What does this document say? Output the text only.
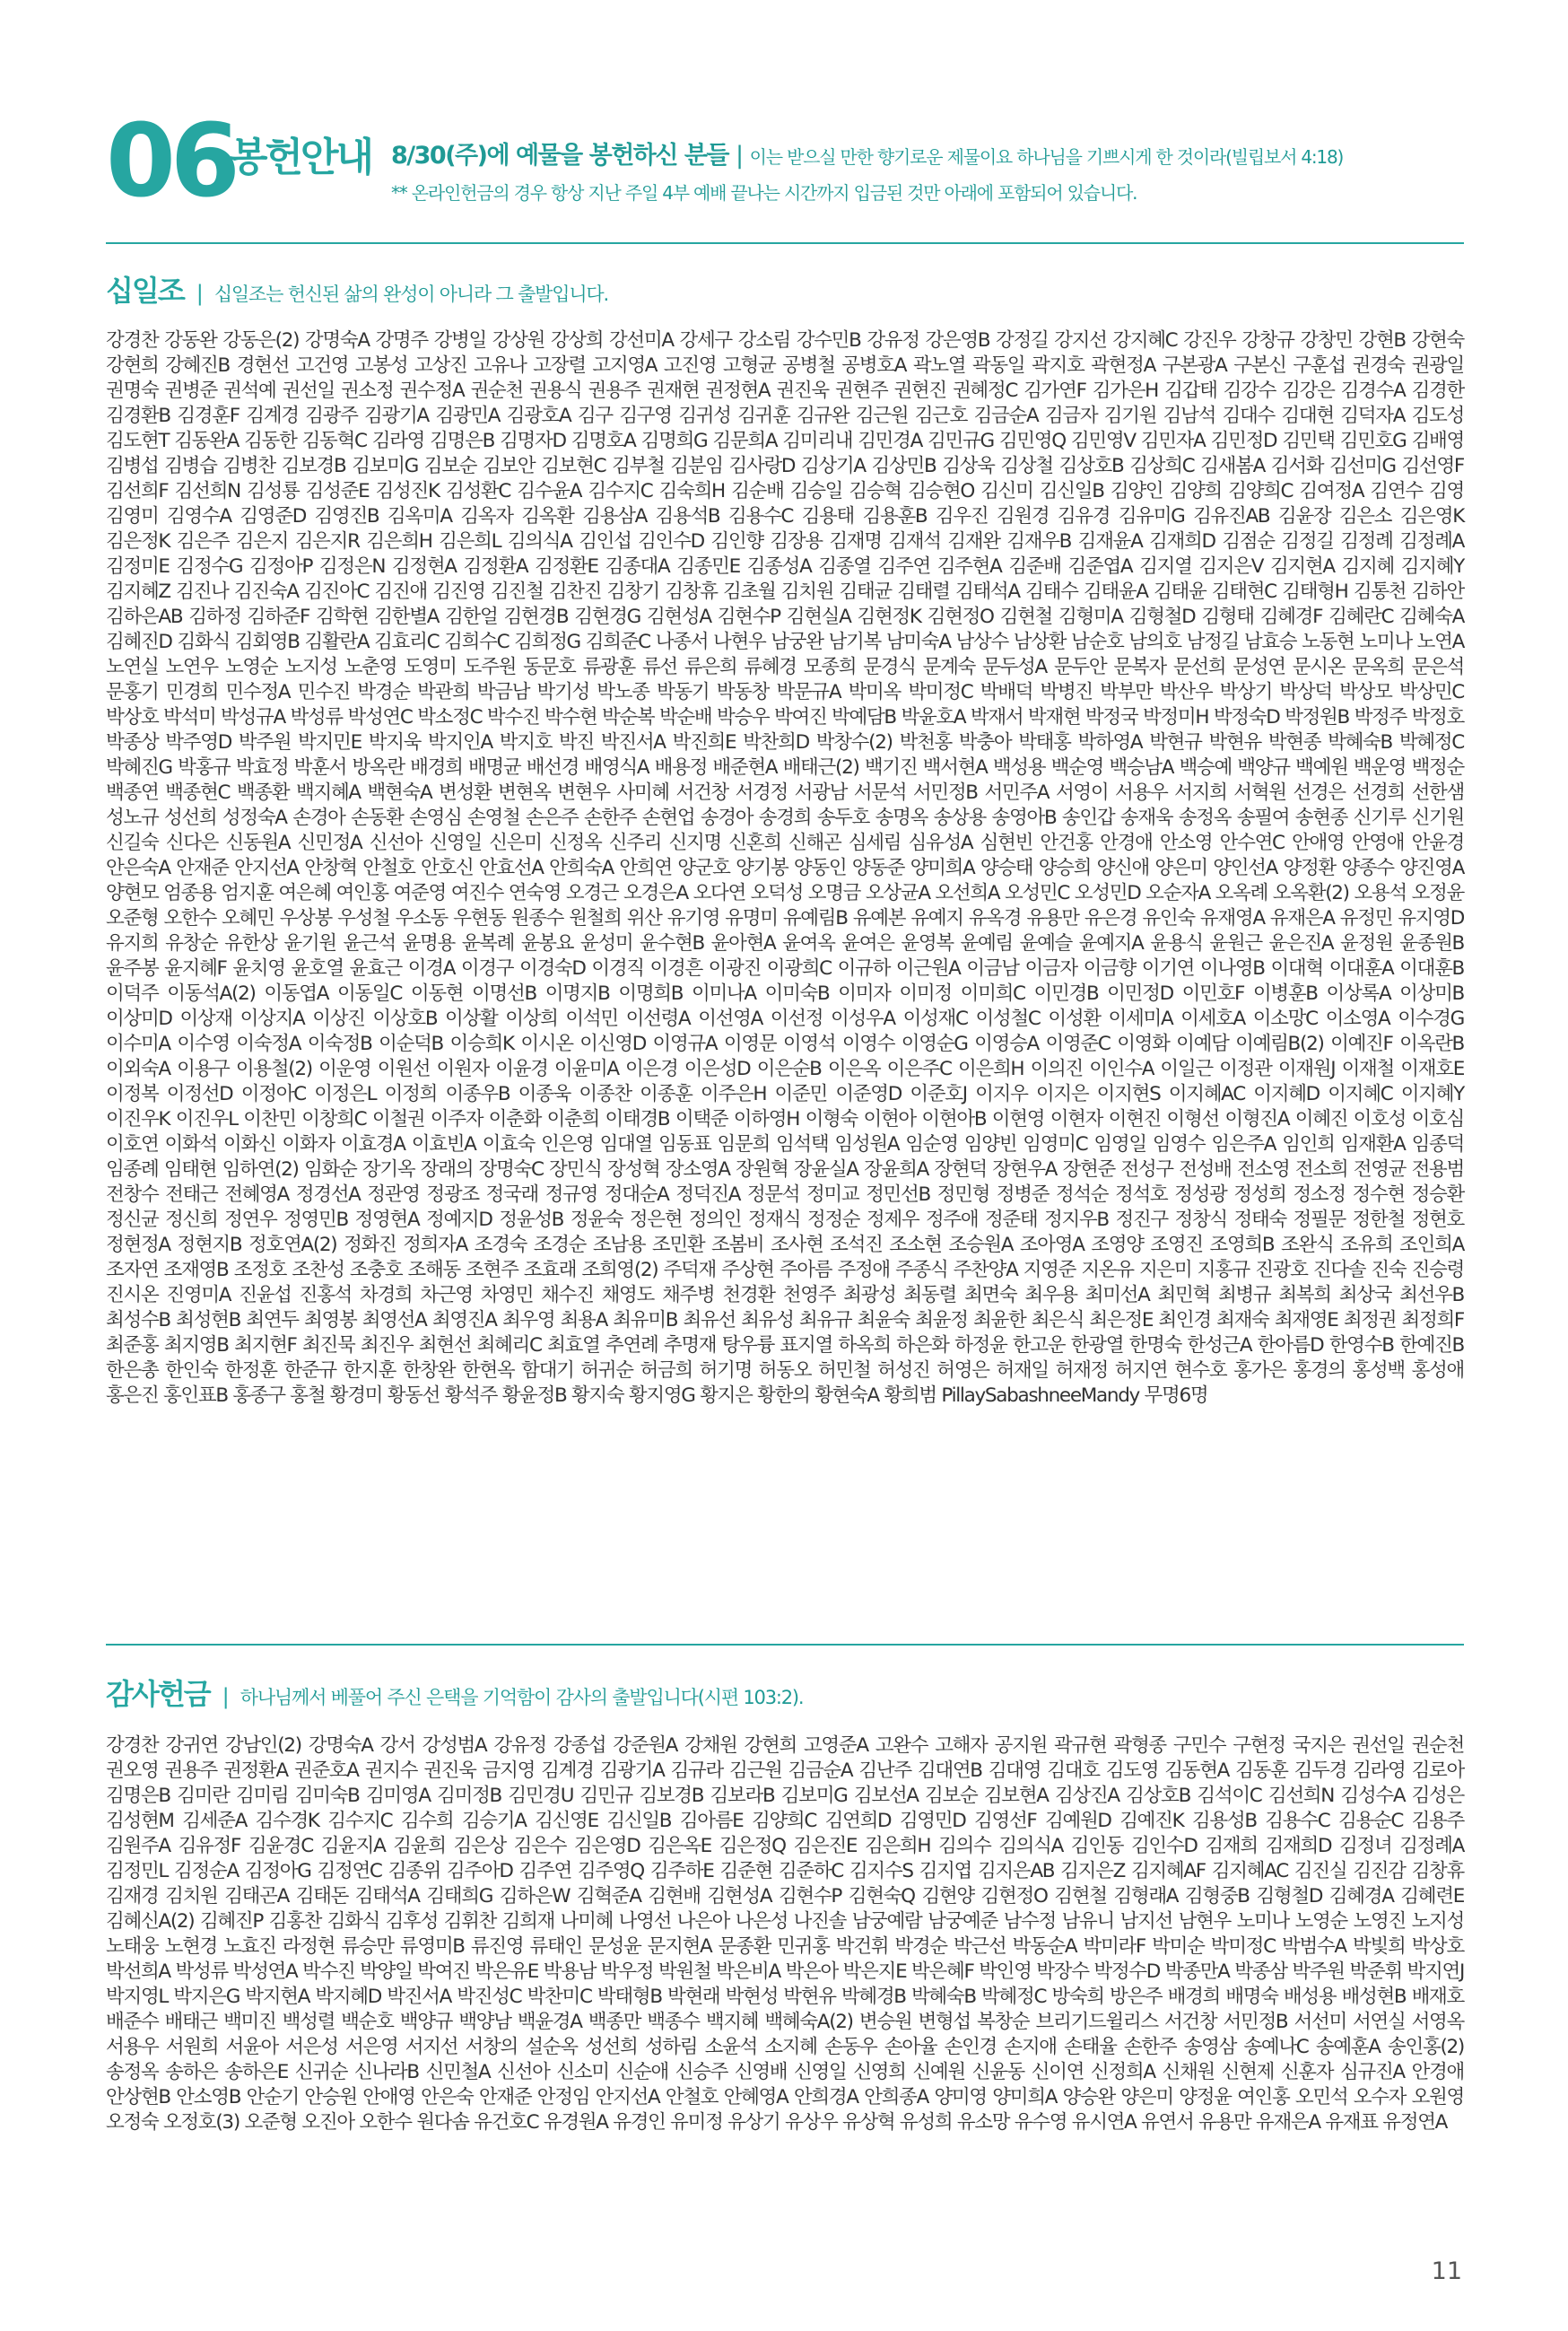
06
봉헌안내 8/30(주)에 예물을 봉헌하신 분들 | 이는 받으실 만한 향기로운 제물이요 하나님을 기쁘시게 한 것이라(빌립보서 4:18)
** 온라인헌금의 경우 항상 지난 주일 4부 예배 끝나는 시간까지 입금된 것만 아래에 포함되어 있습니다.
십일조 | 십일조는 헌신된 삶의 완성이 아니라 그 출발입니다.
강경찬 강동완 강동은(2) 강명숙A 강명주 강병일 강상원 강상희 강선미A 강세구 강소림 강수민B 강유정 강은영B 강정길 강지선 강지혜C 강진우 강창규 강창민 강현B 강현숙 강현희 강혜진B 경현선 고건영 고봉성 고상진 고유나 고장렬 고지영A 고진영 고형균 공병철 공병호A 곽노열 곽동일 곽지호 곽현정A 구본광A 구본신 구훈섭 권경숙 권광일 권명숙 권병준 권석예 권선일 권소정 권수정A 권순천 권용식 권용주 권재현 권정현A 권진욱 권현주 권현진 권혜정C 김가연F 김가은H 김갑태 김강수 김강은 김경수A 김경한 김경환B 김경훈F 김계경 김광주 김광기A 김광민A 김광호A 김구 김구영 김귀성 김귀훈 김규완 김근원 김근호 김금순A 김금자 김기원 김남석 김대수 김대현 김덕자A 김도성 김도현T 김동완A 김동한 김동혁C 김라영 김명은B 김명자D 김명호A 김명희G 김문희A 김미리내 김민경A 김민규G 김민영Q 김민영V 김민자A 김민정D 김민택 김민호G 김배영 김병섭 김병습 김병찬 김보경B 김보미G 김보순 김보안 김보현C 김부철 김분임 김사랑D 김상기A 김상민B 김상욱 김상철 김상호B 김상희C 김새봄A 김서화 김선미G 김선영F 김선희F 김선희N 김성룡 김성준E 김성진K 김성환C 김수윤A 김수지C 김숙희H 김순배 김승일 김승혁 김승현O 김신미 김신일B 김양인 김양희 김양희C 김여정A 김연수 김영 김영미 김영수A 김영준D 김영진B 김옥미A 김옥자 김옥환 김용삼A 김용석B 김용수C 김용태 김용훈B 김우진 김원경 김유경 김유미G 김유진AB 김윤장 김은소 김은영K 김은정K 김은주 김은지 김은지R 김은희H 김은희L 김의식A 김인섭 김인수D 김인향 김장용 김재명 김재석 김재완 김재우B 김재윤A 김재희D 김점순 김정길 김정례 김정례A 김정미E 김정수G 김정아P 김정은N 김정현A 김정환A 김정환E 김종대A 김종민E 김종성A 김종열 김주연 김주현A 김준배 김준엽A 김지열 김지은V 김지현A 김지혜 김지혜Y 김지혜Z 김진나 김진숙A 김진아C 김진애 김진영 김진철 김찬진 김창기 김창휴 김초월 김치원 김태균 김태렬 김태석A 김태수 김태윤A 김태윤 김태현C 김태형H 김통천 김하안 김하은AB 김하정 김하준F 김학현 김한별A 김한얼 김현경B 김현경G 김현성A 김현수P 김현실A 김현정K 김현정O 김현철 김형미A 김형철D 김형태 김혜경F 김혜란C 김혜숙A 김혜진D 김화식 김회영B 김활란A 김효리C 김희수C 김희정G 김희준C 나종서 나현우 남궁완 남기복 남미숙A 남상수 남상환 남순호 남의호 남정길 남효승 노동현 노미나 노연A 노연실 노연우 노영순 노지성 노춘영 도영미 도주원 동문호 류광훈 류선 류은희 류혜경 모종희 문경식 문계숙 문두성A 문두안 문복자 문선희 문성연 문시온 문옥희 문은석 문홍기 민경희 민수정A 민수진 박경순 박관희 박금남 박기성 박노종 박동기 박동창 박문규A 박미옥 박미정C 박배덕 박병진 박부만 박산우 박상기 박상덕 박상모 박상민C 박상호 박석미 박성규A 박성류 박성연C 박소정C 박수진 박수현 박순복 박순배 박승우 박여진 박예담B 박윤호A 박재서 박재현 박정국 박정미H 박정숙D 박정원B 박정주 박정호 박종상 박주영D 박주원 박지민E 박지욱 박지인A 박지호 박진 박진서A 박진희E 박찬희D 박창수(2) 박천홍 박충아 박태홍 박하영A 박현규 박현유 박현종 박혜숙B 박혜정C 박혜진G 박홍규 박효정 박훈서 방옥란 배경희 배명균 배선경 배영식A 배용정 배준현A 배태근(2) 백기진 백서현A 백성용 백순영 백승남A 백승예 백양규 백예원 백운영 백정순 백종연 백종현C 백종환 백지혜A 백현숙A 변성환 변현옥 변현우 사미혜 서건창 서경정 서광남 서문석 서민정B 서민주A 서영이 서용우 서지희 서혁원 선경은 선경희 선한샘 성노규 성선희 성정숙A 손경아 손동환 손영심 손영철 손은주 손한주 손현업 송경아 송경희 송두호 송명옥 송상용 송영아B 송인갑 송재욱 송정옥 송필여 송현종 신기루 신기원 신길숙 신다은 신동원A 신민정A 신선아 신영일 신은미 신정옥 신주리 신지명 신혼희 신해곤 심세림 심유성A 심현빈 안건홍 안경애 안소영 안수연C 안애영 안영애 안윤경 안은숙A 안재준 안지선A 안창혁 안철호 안호신 안효선A 안희숙A 안희연 양군호 양기봉 양동인 양동준 양미희A 양승태 양승희 양신애 양은미 양인선A 양정환 양종수 양진영A 양현모 엄종용 엄지훈 여은혜 여인홍 여준영 여진수 연숙영 오경근 오경은A 오다연 오덕성 오명금 오상균A 오선희A 오성민C 오성민D 오순자A 오옥례 오옥환(2) 오용석 오정윤 오준형 오한수 오혜민 우상봉 우성철 우소동 우현동 원종수 원철희 위산 유기영 유명미 유예림B 유예본 유예지 유옥경 유용만 유은경 유인숙 유재영A 유재은A 유정민 유지영D 유지희 유창순 유한상 윤기원 윤근석 윤명용 윤복례 윤봉요 윤성미 윤수현B 윤아현A 윤여옥 윤여은 윤영복 윤예림 윤예슬 윤예지A 윤용식 윤원근 윤은진A 윤정원 윤종원B 윤주봉 윤지혜F 윤치영 윤호열 윤효근 이경A 이경구 이경숙D 이경직 이경흔 이광진 이광희C 이규하 이근원A 이금남 이금자 이금향 이기연 이나영B 이대혁 이대훈A 이대훈B 이덕주 이동석A(2) 이동엽A 이동일C 이동현 이명선B 이명지B 이명희B 이미나A 이미숙B 이미자 이미정 이미희C 이민경B 이민정D 이민호F 이병훈B 이상록A 이상미B 이상미D 이상재 이상지A 이상진 이상호B 이상활 이상희 이석민 이선령A 이선영A 이선정 이성우A 이성재C 이성철C 이성환 이세미A 이세호A 이소망C 이소영A 이수경G 이수미A 이수영 이숙정A 이숙정B 이순덕B 이승희K 이시온 이신영D 이영규A 이영문 이영석 이영수 이영순G 이영승A 이영준C 이영화 이예담 이예림B(2) 이예진F 이옥란B 이외숙A 이용구 이용철(2) 이운영 이원선 이원자 이윤경 이윤미A 이은경 이은성D 이은순B 이은옥 이은주C 이은희H 이의진 이인수A 이일근 이정관 이재원J 이재철 이재호E 이정복 이정선D 이정아C 이정은L 이정희 이종우B 이종욱 이종찬 이종훈 이주은H 이준민 이준영D 이준호J 이지우 이지은 이지현S 이지혜AC 이지혜D 이지혜C 이지혜Y 이진우K 이진우L 이찬민 이창희C 이철권 이주자 이춘화 이춘희 이태경B 이택준 이하영H 이형숙 이현아 이현아B 이현영 이현자 이현진 이형선 이형진A 이혜진 이호성 이호심 이호연 이화석 이화신 이화자 이효경A 이효빈A 이효숙 인은영 임대열 임동표 임문희 임석택 임성원A 임순영 임양빈 임영미C 임영일 임영수 임은주A 임인희 임재환A 임종덕 임종례 임태현 임하연(2) 임화순 장기옥 장래의 장명숙C 장민식 장성혁 장소영A 장원혁 장윤실A 장윤희A 장현덕 장현우A 장현준 전성구 전성배 전소영 전소희 전영균 전용범 전창수 전태근 전혜영A 정경선A 정관영 정광조 정국래 정규영 정대순A 정덕진A 정문석 정미교 정민선B 정민형 정병준 정석순 정석호 정성광 정성희 정소정 정수현 정승환 정신균 정신희 정연우 정영민B 정영현A 정예지D 정윤성B 정윤숙 정은현 정의인 정재식 정정순 정제우 정주애 정준태 정지우B 정진구 정창식 정태숙 정필문 정한철 정현호 정현정A 정현지B 정호연A(2) 정화진 정희자A 조경숙 조경순 조남용 조민환 조봄비 조사현 조석진 조소현 조승원A 조아영A 조영양 조영진 조영희B 조완식 조유희 조인희A 조자연 조재영B 조정호 조찬성 조충호 조해동 조현주 조효래 조희영(2) 주덕재 주상현 주아름 주정애 주종식 주찬양A 지영준 지온유 지은미 지홍규 진광호 진다솔 진숙 진승령 진시온 진영미A 진윤섭 진홍석 차경희 차근영 차영민 채수진 채영도 채주병 천경환 천영주 최광성 최동렬 최면숙 최우용 최미선A 최민혁 최병규 최복희 최상국 최선우B 최성수B 최성현B 최연두 최영봉 최영선A 최영진A 최우영 최용A 최유미B 최유선 최유성 최유규 최윤숙 최윤정 최윤한 최은식 최은정E 최인경 최재숙 최재영E 최정권 최정희F 최준홍 최지영B 최지현F 최진묵 최진우 최현선 최혜리C 최효열 추연례 추명재 탕우륭 표지열 하옥희 하은화 하정윤 한고운 한광열 한명숙 한성근A 한아름D 한영수B 한예진B 한은총 한인숙 한정훈 한준규 한지훈 한창완 한현옥 함대기 허귀순 허금희 허기명 허동오 허민철 허성진 허영은 허재일 허재정 허지연 현수호 홍가은 홍경의 홍성백 홍성애 홍은진 홍인표B 홍종구 홍철 황경미 황동선 황석주 황윤정B 황지숙 황지영G 황지은 황한의 황현숙A 황희범 PillaySabashneeMandy 무명6명
감사헌금 | 하나님께서 베풀어 주신 은택을 기억함이 감사의 출발입니다(시편 103:2).
강경찬 강귀연 강남인(2) 강명숙A 강서 강성범A 강유정 강종섭 강준원A 강채원 강현희 고영준A 고완수 고해자 공지원 곽규현 곽형종 구민수 구현정 국지은 권선일 권순천 권오영 권용주 권정환A 권준호A 권지수 권진욱 금지영 김계경 김광기A 김규라 김근원 김금순A 김난주 김대연B 김대영 김대호 김도영 김동현A 김동훈 김두경 김라영 김로아 김명은B 김미란 김미림 김미숙B 김미영A 김미정B 김민경U 김민규 김보경B 김보라B 김보미G 김보선A 김보순 김보현A 김상진A 김상호B 김석이C 김선희N 김성수A 김성은 김성현M 김세준A 김수경K 김수지C 김수희 김승기A 김신영E 김신일B 김아름E 김양희C 김연희D 김영민D 김영선F 김예원D 김예진K 김용성B 김용수C 김용순C 김용주 김원주A 김유정F 김윤경C 김윤지A 김윤희 김은상 김은수 김은영D 김은옥E 김은정Q 김은진E 김은희H 김의수 김의식A 김인동 김인수D 김재희 김재희D 김정녀 김정례A 김정민L 김정순A 김정아G 김정연C 김종위 김주아D 김주연 김주영Q 김주하E 김준현 김준하C 김지수S 김지엽 김지은AB 김지은Z 김지혜AF 김지혜AC 김진실 김진감 김창휴 김재경 김치원 김태곤A 김태돈 김태석A 김태희G 김하은W 김혁준A 김현배 김현성A 김현수P 김현숙Q 김현양 김현정O 김현철 김형래A 김형중B 김형철D 김혜경A 김혜련E 김혜신A(2) 김혜진P 김홍찬 김화식 김후성 김휘찬 김희재 나미혜 나영선 나은아 나은성 나진솔 남궁예람 남궁예준 남수정 남유니 남지선 남현우 노미나 노영순 노영진 노지성 노태웅 노현경 노효진 라정현 류승만 류영미B 류진영 류태인 문성윤 문지현A 문종환 민귀홍 박건휘 박경순 박근선 박동순A 박미라F 박미순 박미정C 박범수A 박빛희 박상호 박선희A 박성류 박성연A 박수진 박양일 박여진 박은유E 박용남 박우정 박원철 박은비A 박은아 박은지E 박은혜F 박인영 박장수 박정수D 박종만A 박종삼 박주원 박준휘 박지연J 박지영L 박지은G 박지현A 박지혜D 박진서A 박진성C 박찬미C 박태형B 박현래 박현성 박현유 박혜경B 박혜숙B 박혜정C 방숙희 방은주 배경희 배명숙 배성용 배성현B 배재호 배준수 배태근 백미진 백성렬 백순호 백양규 백양남 백윤경A 백종만 백종수 백지혜 백혜숙A(2) 변승원 변형섭 복창순 브리기드윌리스 서건창 서민정B 서선미 서연실 서영옥 서용우 서원희 서윤아 서은성 서은영 서지선 서창의 설순옥 성선희 성하림 소윤석 소지혜 손동우 손아율 손인경 손지애 손태율 손한주 송영삼 송예나C 송예훈A 송인홍(2) 송정옥 송하은 송하은E 신귀순 신나라B 신민철A 신선아 신소미 신순애 신승주 신영배 신영일 신영희 신예원 신윤동 신이연 신정희A 신채원 신현제 신훈자 심규진A 안경애 안상현B 안소영B 안순기 안승원 안애영 안은숙 안재준 안정임 안지선A 안철호 안혜영A 안희경A 안희종A 양미영 양미희A 양승완 양은미 양정윤 여인홍 오민석 오수자 오원영 오정숙 오정호(3) 오준형 오진아 오한수 원다솜 유건호C 유경원A 유경인 유미정 유상기 유상우 유상혁 유성희 유소망 유수영 유시연A 유연서 유용만 유재은A 유재표 유정연A
11
